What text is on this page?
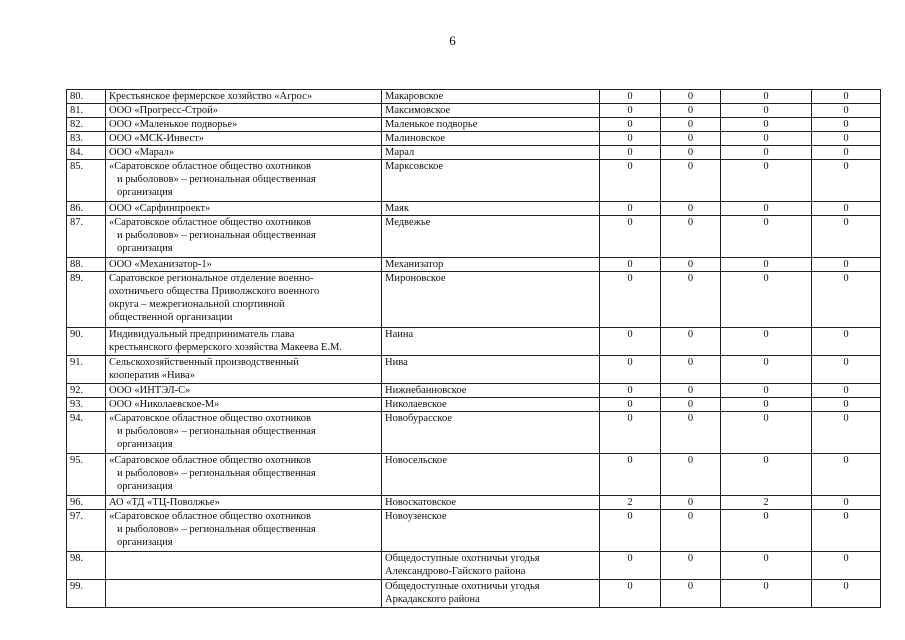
6
80.	Крестьянское фермерское хозяйство «Агрос»	Макаровское	0	0	0	0
81.	ООО «Прогресс-Строй»	Максимовское	0	0	0	0
82.	ООО «Маленькое подворье»	Маленькое подворье	0	0	0	0
83.	ООО «МСК-Инвест»	Малиновское	0	0	0	0
84.	ООО «Марал»	Марал	0	0	0	0
85.	«Саратовское областное общество охотников
и рыболовов» – региональная общественная
организация	Марксовское	0	0	0	0
86.	ООО «Сарфинпроект»	Маяк	0	0	0	0
87.	«Саратовское областное общество охотников
и рыболовов» – региональная общественная
организация	Медвежье	0	0	0	0
88.	ООО «Механизатор-1»	Механизатор	0	0	0	0
89.	Саратовское региональное отделение военно-
охотничьего общества Приволжского военного
округа – межрегиональной спортивной
общественной организации	Мироновское	0	0	0	0
90.	Индивидуальный предприниматель глава
крестьянского фермерского хозяйства Макеева Е.М.	Наина	0	0	0	0
91.	Сельскохозяйственный производственный
кооператив «Нива»	Нива	0	0	0	0
92.	ООО «ИНТЭЛ-С»	Нижнебанновское	0	0	0	0
93.	ООО «Николаевское-М»	Николаевское	0	0	0	0
94.	«Саратовское областное общество охотников
и рыболовов» – региональная общественная
организация	Новобурасское	0	0	0	0
95.	«Саратовское областное общество охотников
и рыболовов» – региональная общественная
организация	Новосельское	0	0	0	0
96.	АО «ТД «ТЦ-Поволжье»	Новоскатовское	2	0	2	0
97.	«Саратовское областное общество охотников
и рыболовов» – региональная общественная
организация	Новоузенское	0	0	0	0
98.		Общедоступные охотничьи угодья
Александрово-Гайского района	0	0	0	0
99.		Общедоступные охотничьи угодья
Аркадакского района	0	0	0	0
